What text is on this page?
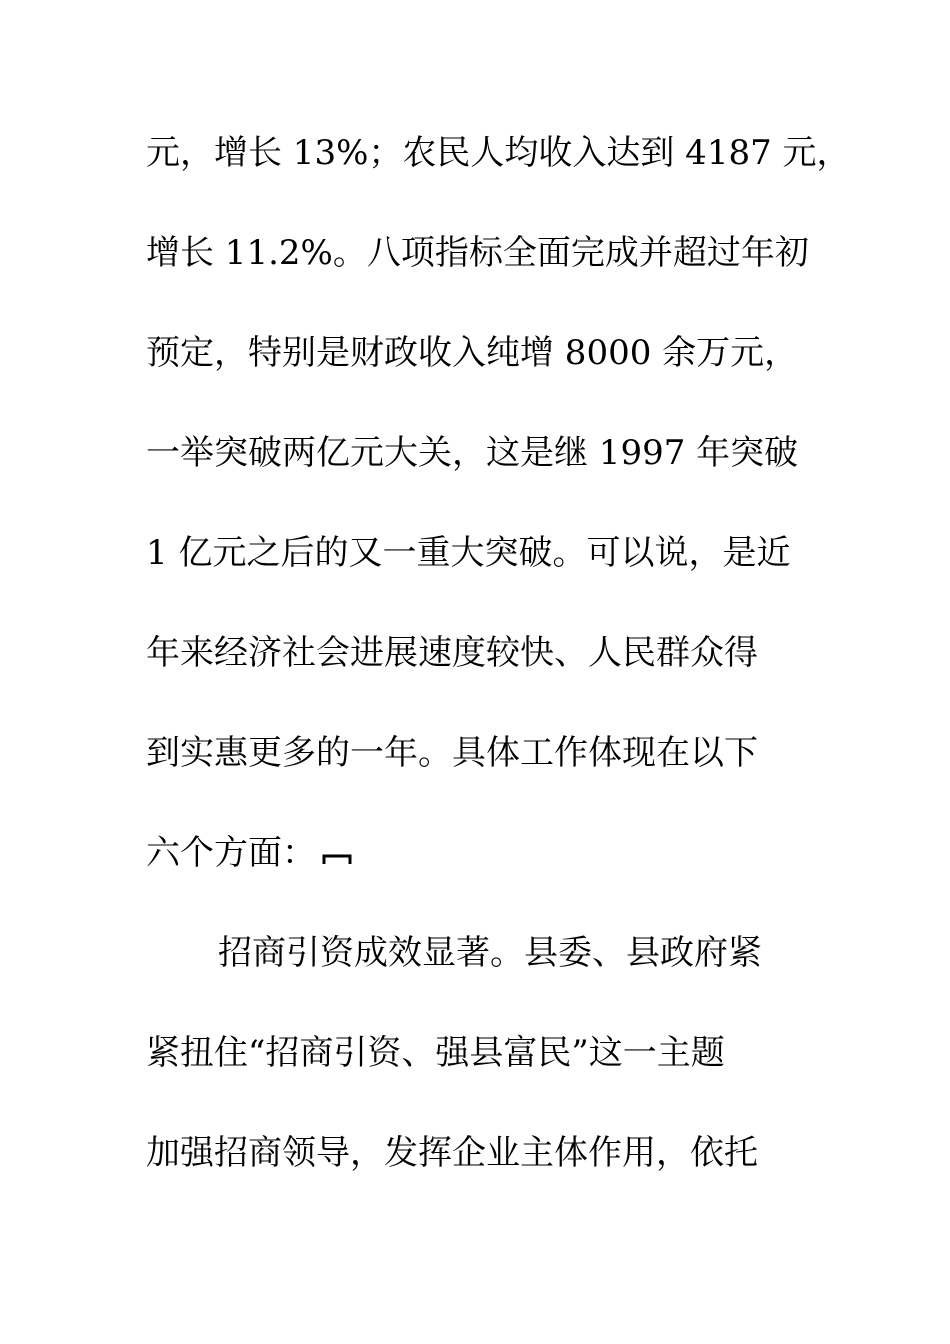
元，增长 13%；农民人均收入达到 4187 元，
增长 11.2%。八项指标全面完成并超过年初
预定，特别是财政收入纯增 8000 余万元，
一举突破两亿元大关，这是继 1997 年突破
1 亿元之后的又一重大突破。可以说，是近
年来经济社会进展速度较快、人民群众得
到实惠更多的一年。具体工作体现在以下
六个方面：
招商引资成效显著。县委、县政府紧
紧扭住“招商引资、强县富民”这一主题
加强招商领导，发挥企业主体作用，依托
